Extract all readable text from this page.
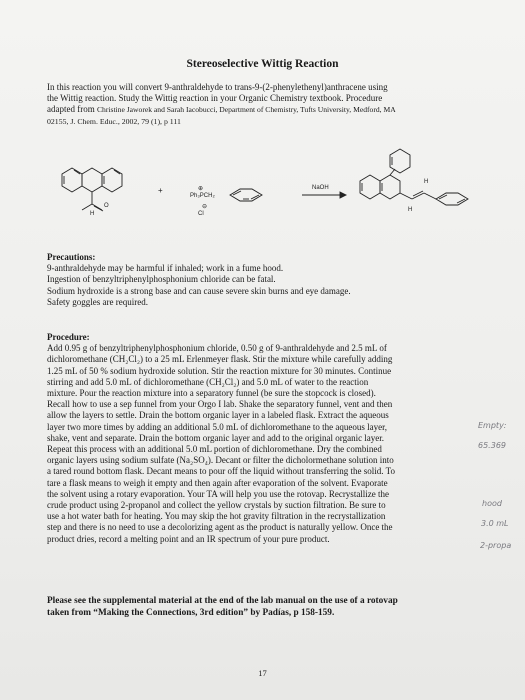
Stereoselective Wittig Reaction
In this reaction you will convert 9-anthraldehyde to trans-9-(2-phenylethenyl)anthracene using
the Wittig reaction. Study the Wittig reaction in your Organic Chemistry textbook. Procedure
adapted from Christine Jaworek and Sarah Iacobucci, Department of Chemistry, Tufts University, Medford, MA
02155, J. Chem. Educ., 2002, 79 (1), p 111
H
O
+	⊕
Ph₃PCH₂
⊖
Cl
NaOH
H
H
Precautions:
9-anthraldehyde may be harmful if inhaled; work in a fume hood.
Ingestion of benzyltriphenylphosphonium chloride can be fatal.
Sodium hydroxide is a strong base and can cause severe skin burns and eye damage.
Safety goggles are required.
Procedure:
Add 0.95 g of benzyltriphenylphosphonium chloride, 0.50 g of 9-anthraldehyde and 2.5 mL of
dichloromethane (CH₂Cl₂) to a 25 mL Erlenmeyer flask. Stir the mixture while carefully adding
1.25 mL of 50 % sodium hydroxide solution. Stir the reaction mixture for 30 minutes. Continue
stirring and add 5.0 mL of dichloromethane (CH₂Cl₂) and 5.0 mL of water to the reaction
mixture. Pour the reaction mixture into a separatory funnel (be sure the stopcock is closed).
Recall how to use a sep funnel from your Orgo I lab. Shake the separatory funnel, vent and then
allow the layers to settle. Drain the bottom organic layer in a labeled flask. Extract the aqueous
layer two more times by adding an additional 5.0 mL of dichloromethane to the aqueous layer,
shake, vent and separate. Drain the bottom organic layer and add to the original organic layer.
Repeat this process with an additional 5.0 mL portion of dichloromethane. Dry the combined
organic layers using sodium sulfate (Na₂SO₄). Decant or filter the dicholormethane solution into
a tared round bottom flask. Decant means to pour off the liquid without transferring the solid. To
tare a flask means to weigh it empty and then again after evaporation of the solvent. Evaporate
the solvent using a rotary evaporation. Your TA will help you use the rotovap. Recrystallize the
crude product using 2-propanol and collect the yellow crystals by suction filtration. Be sure to
use a hot water bath for heating. You may skip the hot gravity filtration in the recrystallization
step and there is no need to use a decolorizing agent as the product is naturally yellow. Once the
product dries, record a melting point and an IR spectrum of your pure product.
Empty:
65.369
hood
3.0 mL
2-propa
Please see the supplemental material at the end of the lab manual on the use of a rotovap
taken from “Making the Connections, 3rd edition” by Padías, p 158-159.
17
